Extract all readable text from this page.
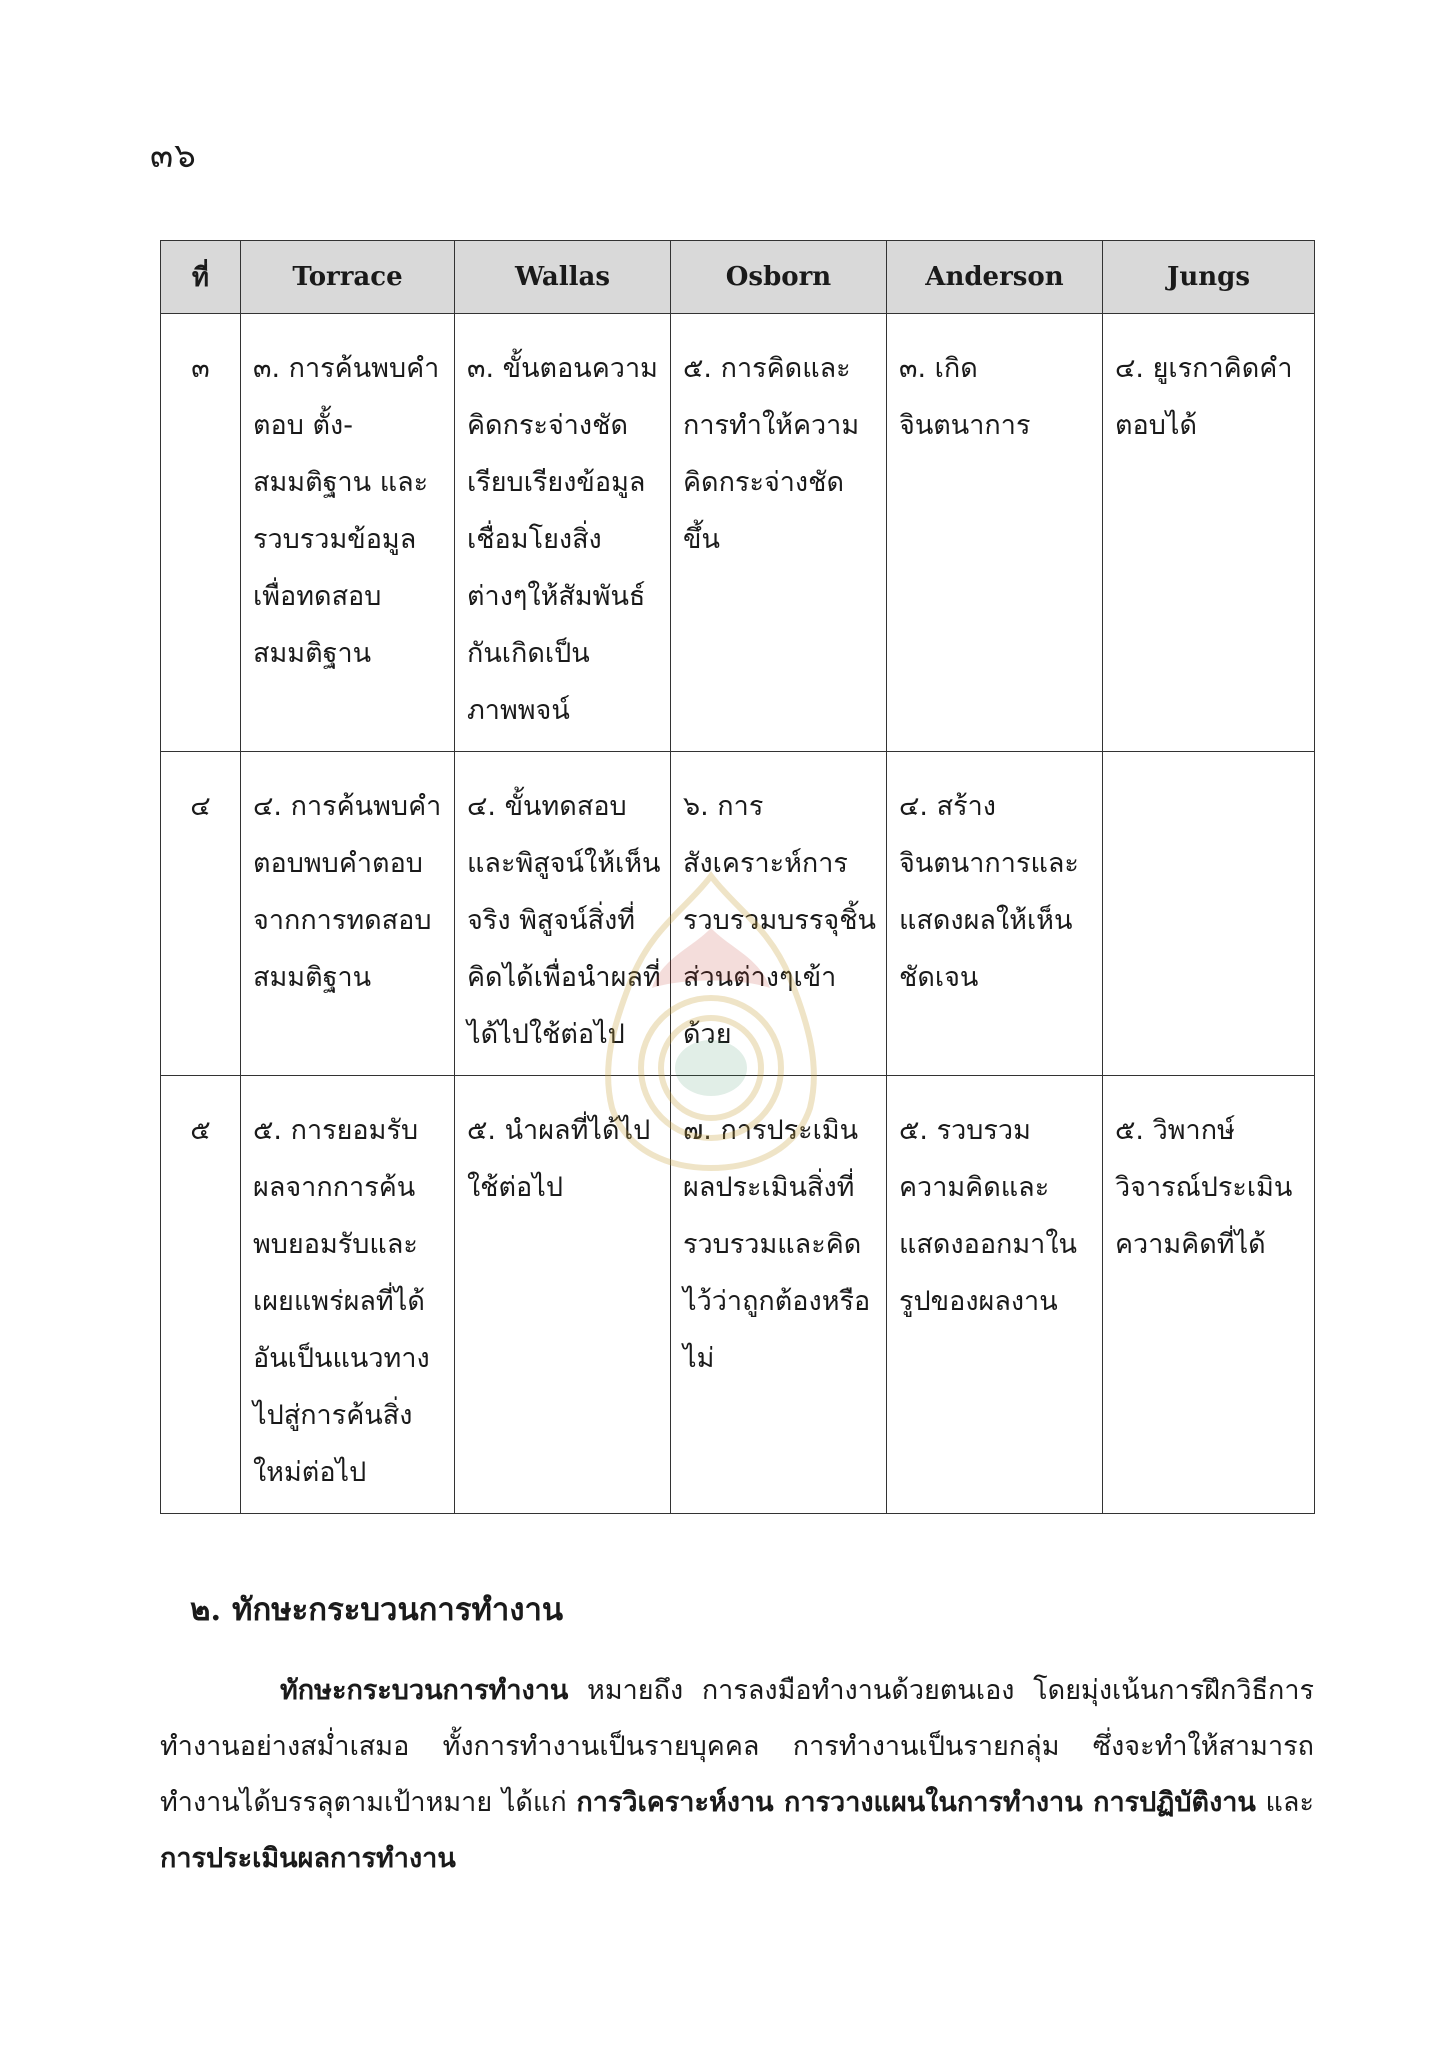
๓๖
ที่	Torrace	Wallas	Osborn	Anderson	Jungs
๓	๓. การค้นพบคำตอบ ตั้ง-สมมติฐาน และรวบรวมข้อมูลเพื่อทดสอบสมมติฐาน	๓. ขั้นตอนความคิดกระจ่างชัดเรียบเรียงข้อมูลเชื่อมโยงสิ่งต่างๆให้สัมพันธ์กันเกิดเป็นภาพพจน์	๕. การคิดและการทำให้ความคิดกระจ่างชัดขึ้น	๓. เกิดจินตนาการ	๔. ยูเรกาคิดคำตอบได้
๔	๔. การค้นพบคำตอบพบคำตอบจากการทดสอบสมมติฐาน	๔. ขั้นทดสอบและพิสูจน์ให้เห็นจริง พิสูจน์สิ่งที่คิดได้เพื่อนำผลที่ได้ไปใช้ต่อไป	๖. การสังเคราะห์การรวบรวมบรรจุชิ้นส่วนต่างๆเข้าด้วย	๔. สร้างจินตนาการและแสดงผลให้เห็นชัดเจน	
๕	๕. การยอมรับผลจากการค้นพบยอมรับและเผยแพร่ผลที่ได้อันเป็นแนวทางไปสู่การค้นสิ่งใหม่ต่อไป	๕. นำผลที่ได้ไปใช้ต่อไป	๗. การประเมินผลประเมินสิ่งที่รวบรวมและคิดไว้ว่าถูกต้องหรือไม่	๕. รวบรวมความคิดและแสดงออกมาในรูปของผลงาน	๕. วิพากษ์วิจารณ์ประเมินความคิดที่ได้
๒. ทักษะกระบวนการทำงาน

ทักษะกระบวนการทำงาน หมายถึง การลงมือทำงานด้วยตนเอง โดยมุ่งเน้นการฝึกวิธีการทำงานอย่างสม่ำเสมอ ทั้งการทำงานเป็นรายบุคคล การทำงานเป็นรายกลุ่ม ซึ่งจะทำให้สามารถทำงานได้บรรลุตามเป้าหมาย ได้แก่ การวิเคราะห์งาน การวางแผนในการทำงาน การปฏิบัติงาน และ การประเมินผลการทำงาน
